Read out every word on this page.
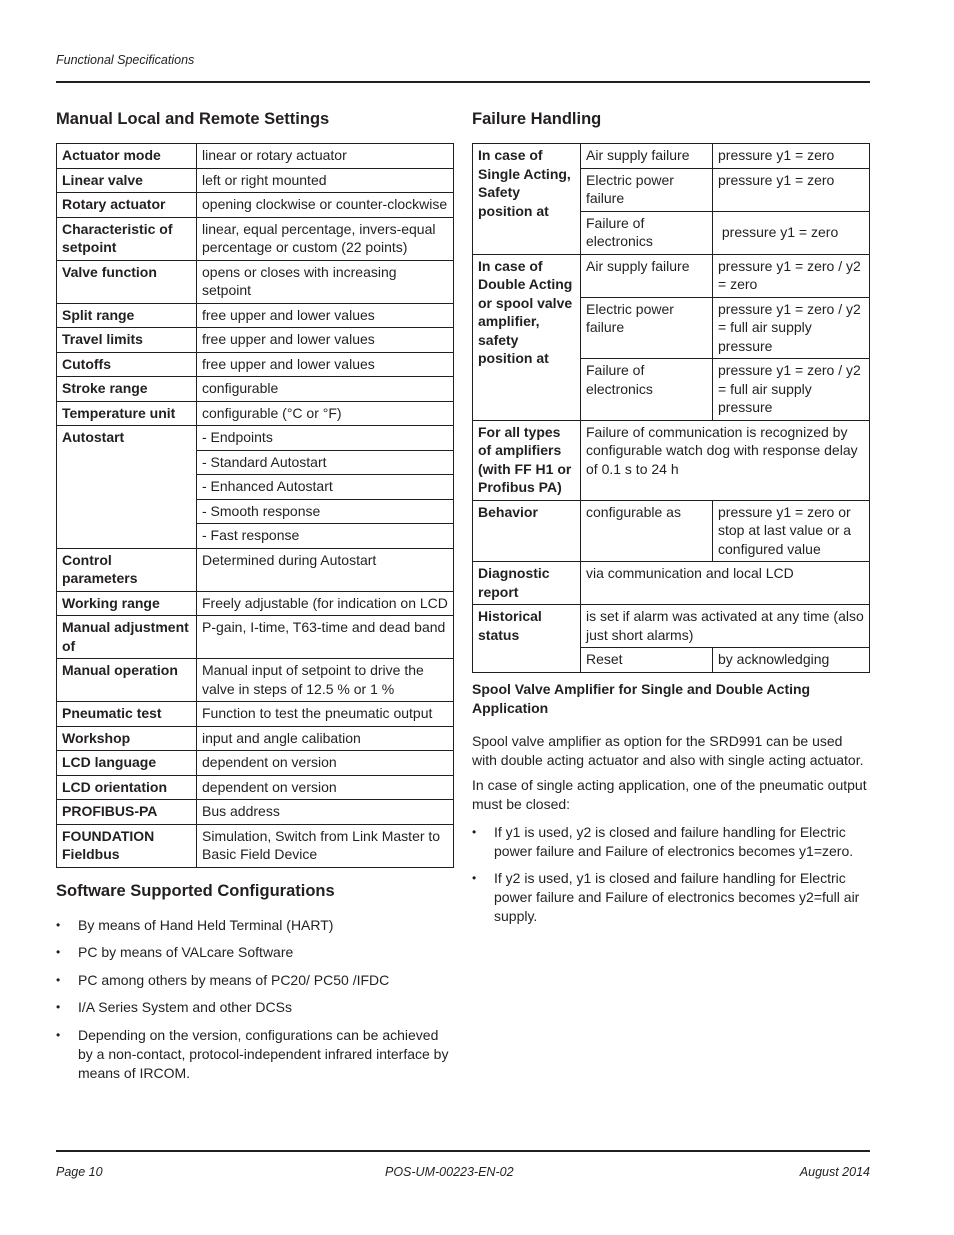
Functional Specifications
Manual Local and Remote Settings
Actuator mode	linear or rotary actuator
Linear valve	left or right mounted
Rotary actuator	opening clockwise or counter-clockwise
Characteristic of setpoint	linear, equal percentage, invers-equal percentage or custom (22 points)
Valve function	opens or closes with increasing setpoint
Split range	free upper and lower values
Travel limits	free upper and lower values
Cutoffs	free upper and lower values
Stroke range	configurable
Temperature unit	configurable (°C or °F)
Autostart	- Endpoints
	- Standard Autostart
	- Enhanced Autostart
	- Smooth response
	- Fast response
Control parameters	Determined during Autostart
Working range	Freely adjustable (for indication on LCD
Manual adjustment of	P-gain, I-time, T63-time and dead band
Manual operation	Manual input of setpoint to drive the valve in steps of 12.5 % or 1 %
Pneumatic test	Function to test the pneumatic output
Workshop	input and angle calibation
LCD language	dependent on version
LCD orientation	dependent on version
PROFIBUS-PA	Bus address
FOUNDATION Fieldbus	Simulation, Switch from Link Master to Basic Field Device
Software Supported Configurations
• By means of Hand Held Terminal (HART)
• PC by means of VALcare Software
• PC among others by means of PC20/ PC50 /IFDC
• I/A Series System and other DCSs
• Depending on the version, configurations can be achieved by a non-contact, protocol-independent infrared interface by means of IRCOM.
Failure Handling
In case of Single Acting, Safety position at	Air supply failure	pressure y1 = zero
	Electric power failure	pressure y1 = zero
	Failure of electronics	pressure y1 = zero
In case of Double Acting or spool valve amplifier, safety position at	Air supply failure	pressure y1 = zero / y2 = zero
	Electric power failure	pressure y1 = zero / y2 = full air supply pressure
	Failure of electronics	pressure y1 = zero / y2 = full air supply pressure
For all types of amplifiers (with FF H1 or Profibus PA)	Failure of communication is recognized by configurable watch dog with response delay of 0.1 s to 24 h	
Behavior	configurable as	pressure y1 = zero or stop at last value or a configured value
Diagnostic report	via communication and local LCD	
Historical status	is set if alarm was activated at any time (also just short alarms)	
	Reset	by acknowledging
Spool Valve Amplifier for Single and Double Acting Application

Spool valve amplifier as option for the SRD991 can be used with double acting actuator and also with single acting actuator.

In case of single acting application, one of the pneumatic output must be closed:

• If y1 is used, y2 is closed and failure handling for Electric power failure and Failure of electronics becomes y1=zero.
• If y2 is used, y1 is closed and failure handling for Electric power failure and Failure of electronics becomes y2=full air supply.
Page 10	POS-UM-00223-EN-02	August 2014
